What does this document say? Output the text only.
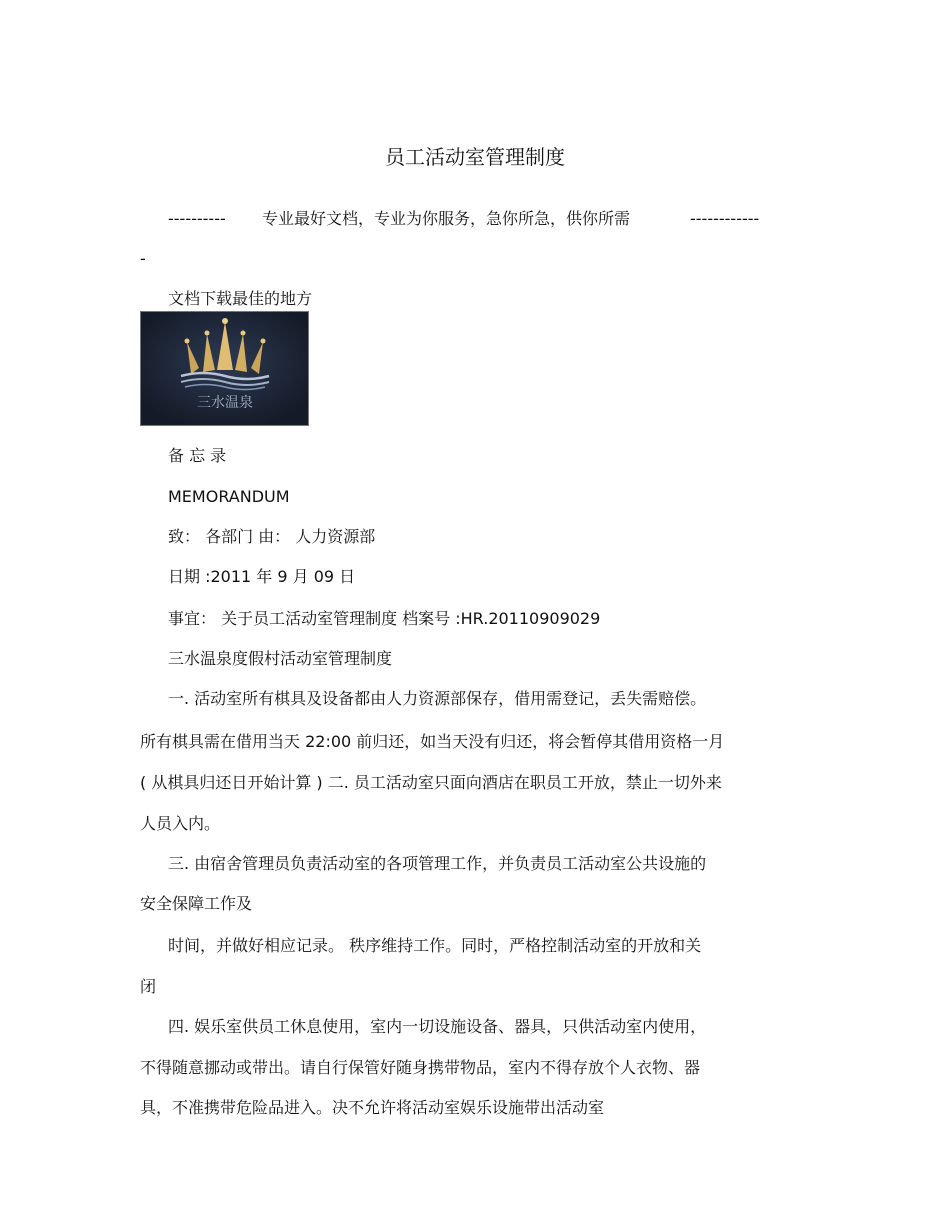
员工活动室管理制度
---------- 专业最好文档，专业为你服务，急你所急，供你所需	------------
-
文档下载最佳的地方
三水温泉
备 忘 录
MEMORANDUM
致： 各部门 由： 人力资源部
日期 :2011 年 9 月 09 日
事宜： 关于员工活动室管理制度 档案号 :HR.20110909029
三水温泉度假村活动室管理制度
一. 活动室所有棋具及设备都由人力资源部保存，借用需登记，丢失需赔偿。
所有棋具需在借用当天 22:00 前归还，如当天没有归还，将会暂停其借用资格一月
( 从棋具归还日开始计算 ) 二. 员工活动室只面向酒店在职员工开放，禁止一切外来
人员入内。
三. 由宿舍管理员负责活动室的各项管理工作，并负责员工活动室公共设施的
安全保障工作及
时间，并做好相应记录。 秩序维持工作。同时，严格控制活动室的开放和关
闭
四. 娱乐室供员工休息使用，室内一切设施设备、器具，只供活动室内使用，
不得随意挪动或带出。请自行保管好随身携带物品，室内不得存放个人衣物、器
具，不准携带危险品进入。决不允许将活动室娱乐设施带出活动室
